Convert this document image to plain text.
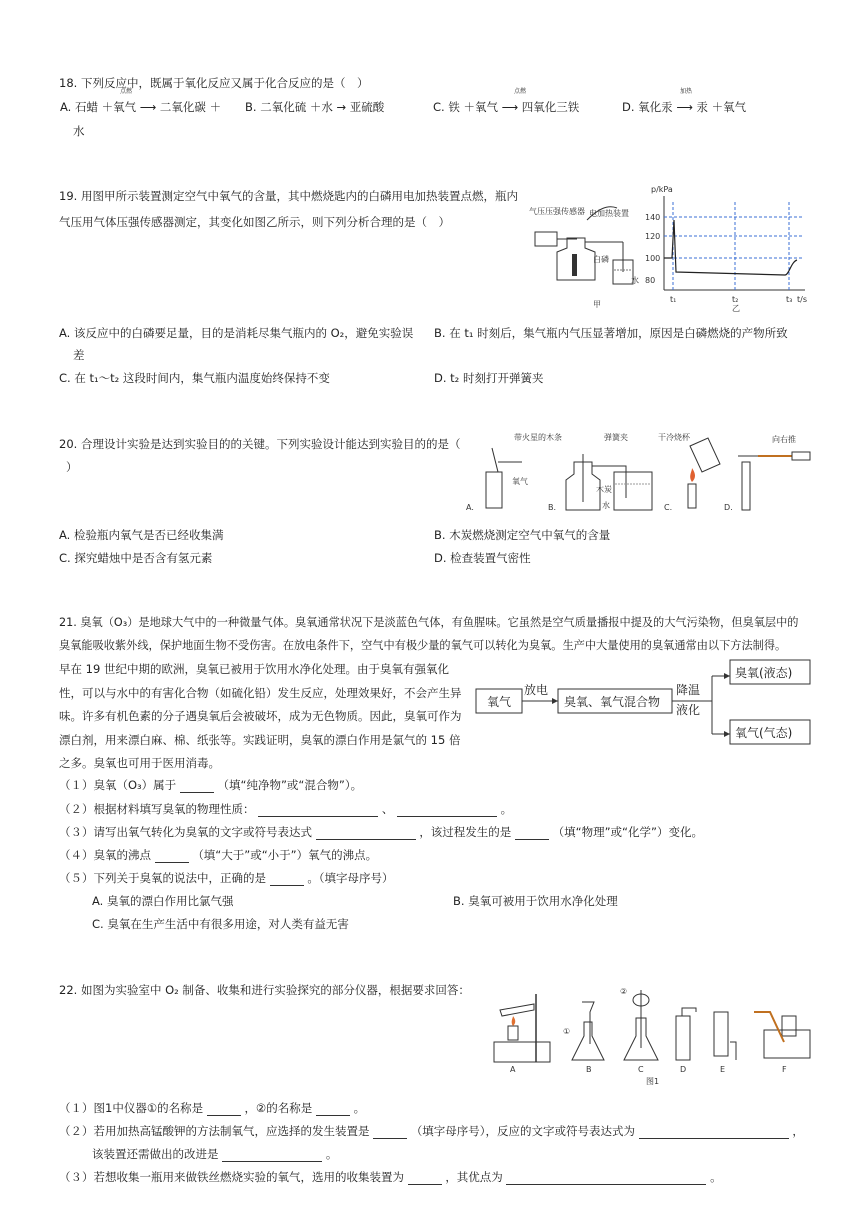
18. 下列反应中，既属于氧化反应又属于化合反应的是（　）
A. 石蜡 ＋氧气 ⟶ 二氧化碳 ＋
点燃
水
B. 二氧化硫 ＋水 → 亚硫酸	C. 铁 ＋氧气 ⟶ 四氧化三铁
点燃
D. 氧化汞 ⟶ 汞 ＋氧气
加热
19. 用图甲所示装置测定空气中氧气的含量，其中燃烧匙内的白磷用电加热装置点燃，瓶内
气压用气体压强传感器测定，其变化如图乙所示，则下列分析合理的是（　）
气压压强传感器 电加热装置
白磷
水
甲
p/kPa
140
120
100
80
t₁	t₂	t₃ t/s
乙
A. 该反应中的白磷要足量，目的是消耗尽集气瓶内的 O₂，避免实验误
差
B. 在 t₁ 时刻后，集气瓶内气压显著增加，原因是白磷燃烧的产物所致
C. 在 t₁～t₂ 这段时间内，集气瓶内温度始终保持不变	D. t₂ 时刻打开弹簧夹
20. 合理设计实验是达到实验目的的关键。下列实验设计能达到实验目的的是（
）
带火星的木条
氧气
A.
弹簧夹
木炭
水
B.
干冷烧杯
C.
向右推
D.
A. 检验瓶内氧气是否已经收集满	B. 木炭燃烧测定空气中氧气的含量
C. 探究蜡烛中是否含有氢元素	D. 检查装置气密性
21. 臭氧（O₃）是地球大气中的一种微量气体。臭氧通常状况下是淡蓝色气体，有鱼腥味。它虽然是空气质量播报中提及的大气污染物，但臭氧层中的
臭氧能吸收紫外线，保护地面生物不受伤害。在放电条件下，空气中有极少量的氧气可以转化为臭氧。生产中大量使用的臭氧通常由以下方法制得。
早在 19 世纪中期的欧洲，臭氧已被用于饮用水净化处理。由于臭氧有强氧化
性，可以与水中的有害化合物（如硫化铅）发生反应，处理效果好，不会产生异
味。许多有机色素的分子遇臭氧后会被破坏，成为无色物质。因此，臭氧可作为
漂白剂，用来漂白麻、棉、纸张等。实践证明，臭氧的漂白作用是氯气的 15 倍
之多。臭氧也可用于医用消毒。
氧气
放电
臭氧、氧气混合物
降温
液化
臭氧(液态)
氧气(气态)
（１）臭氧（O₃）属于	（填“纯净物”或“混合物”）。
（２）根据材料填写臭氧的物理性质：	、	。
（３）请写出氧气转化为臭氧的文字或符号表达式	，该过程发生的是	（填“物理”或“化学”）变化。
（４）臭氧的沸点	（填“大于”或“小于”）氧气的沸点。
（５）下列关于臭氧的说法中，正确的是	。（填字母序号）
A. 臭氧的漂白作用比氯气强	B. 臭氧可被用于饮用水净化处理
C. 臭氧在生产生活中有很多用途，对人类有益无害
22. 如图为实验室中 O₂ 制备、收集和进行实验探究的部分仪器，根据要求回答：
A
①
B
②
C	D	E	F
图1
（１）图1中仪器①的名称是	，②的名称是	。
（２）若用加热高锰酸钾的方法制氧气，应选择的发生装置是	（填字母序号），反应的文字或符号表达式为	，
该装置还需做出的改进是	。
（３）若想收集一瓶用来做铁丝燃烧实验的氧气，选用的收集装置为	，其优点为	。
